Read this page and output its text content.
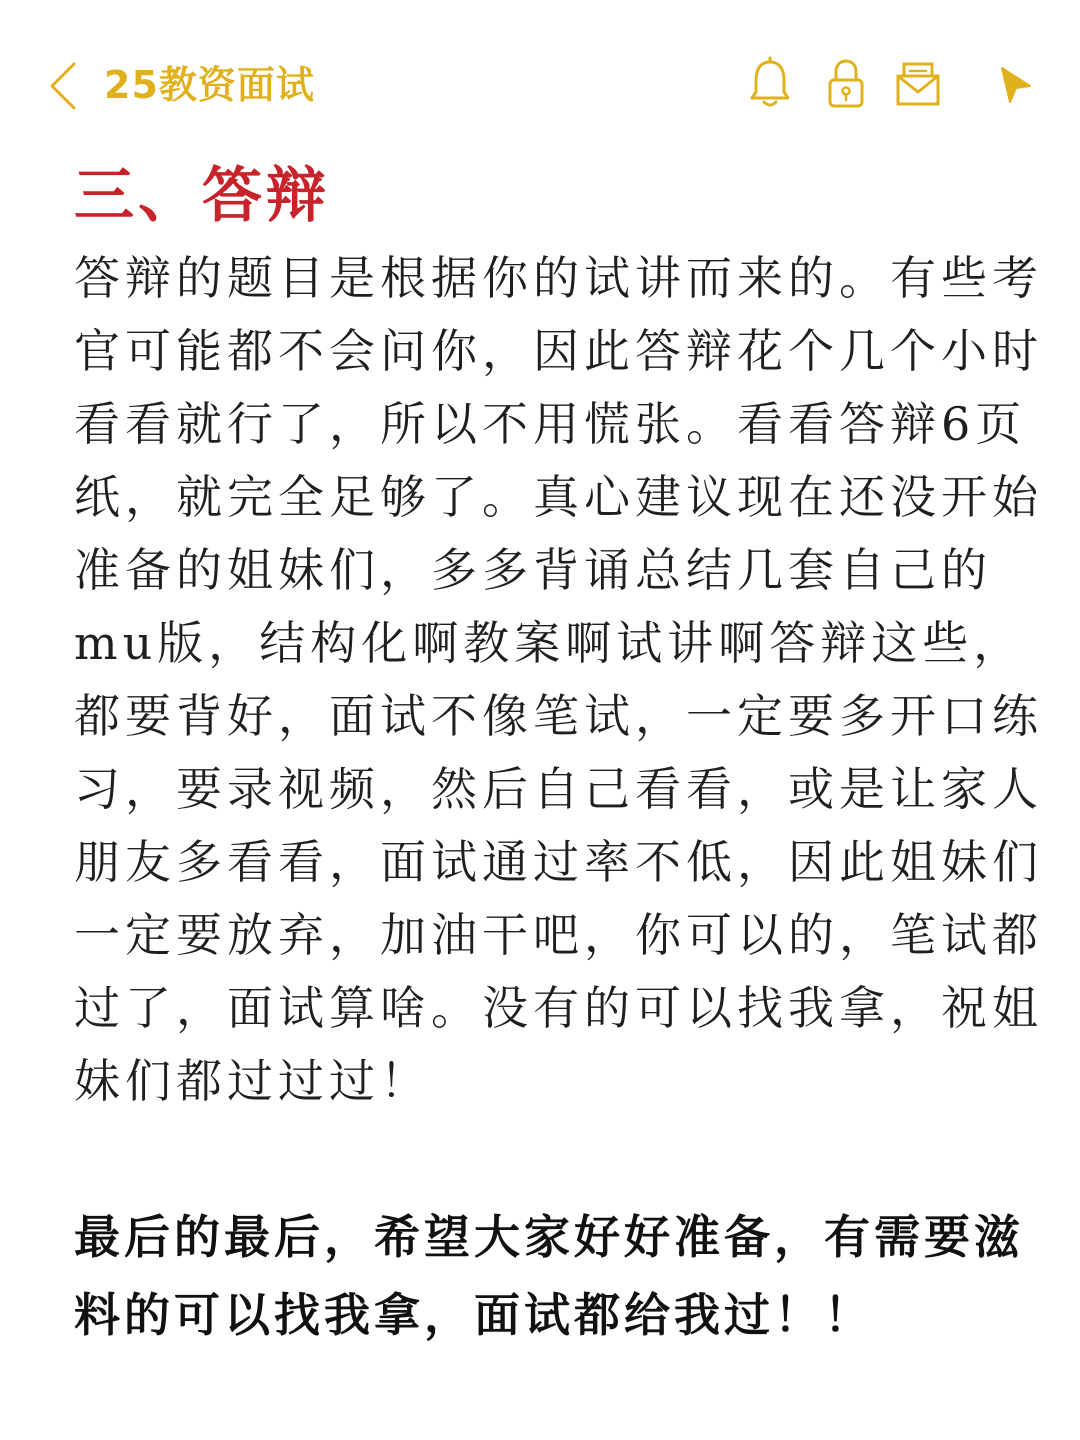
25教资面试
三、答辩

答辩的题目是根据你的试讲而来的。有些考官可能都不会问你，因此答辩花个几个小时看看就行了，所以不用慌张。看看答辩6页纸，就完全足够了。真心建议现在还没开始准备的姐妹们，多多背诵总结几套自己的mu版，结构化啊教案啊试讲啊答辩这些，都要背好，面试不像笔试，一定要多开口练习，要录视频，然后自己看看，或是让家人朋友多看看，面试通过率不低，因此姐妹们一定要放弃，加油干吧，你可以的，笔试都过了，面试算啥。没有的可以找我拿，祝姐妹们都过过过！

最后的最后，希望大家好好准备，有需要滋料的可以找我拿，面试都给我过！！
